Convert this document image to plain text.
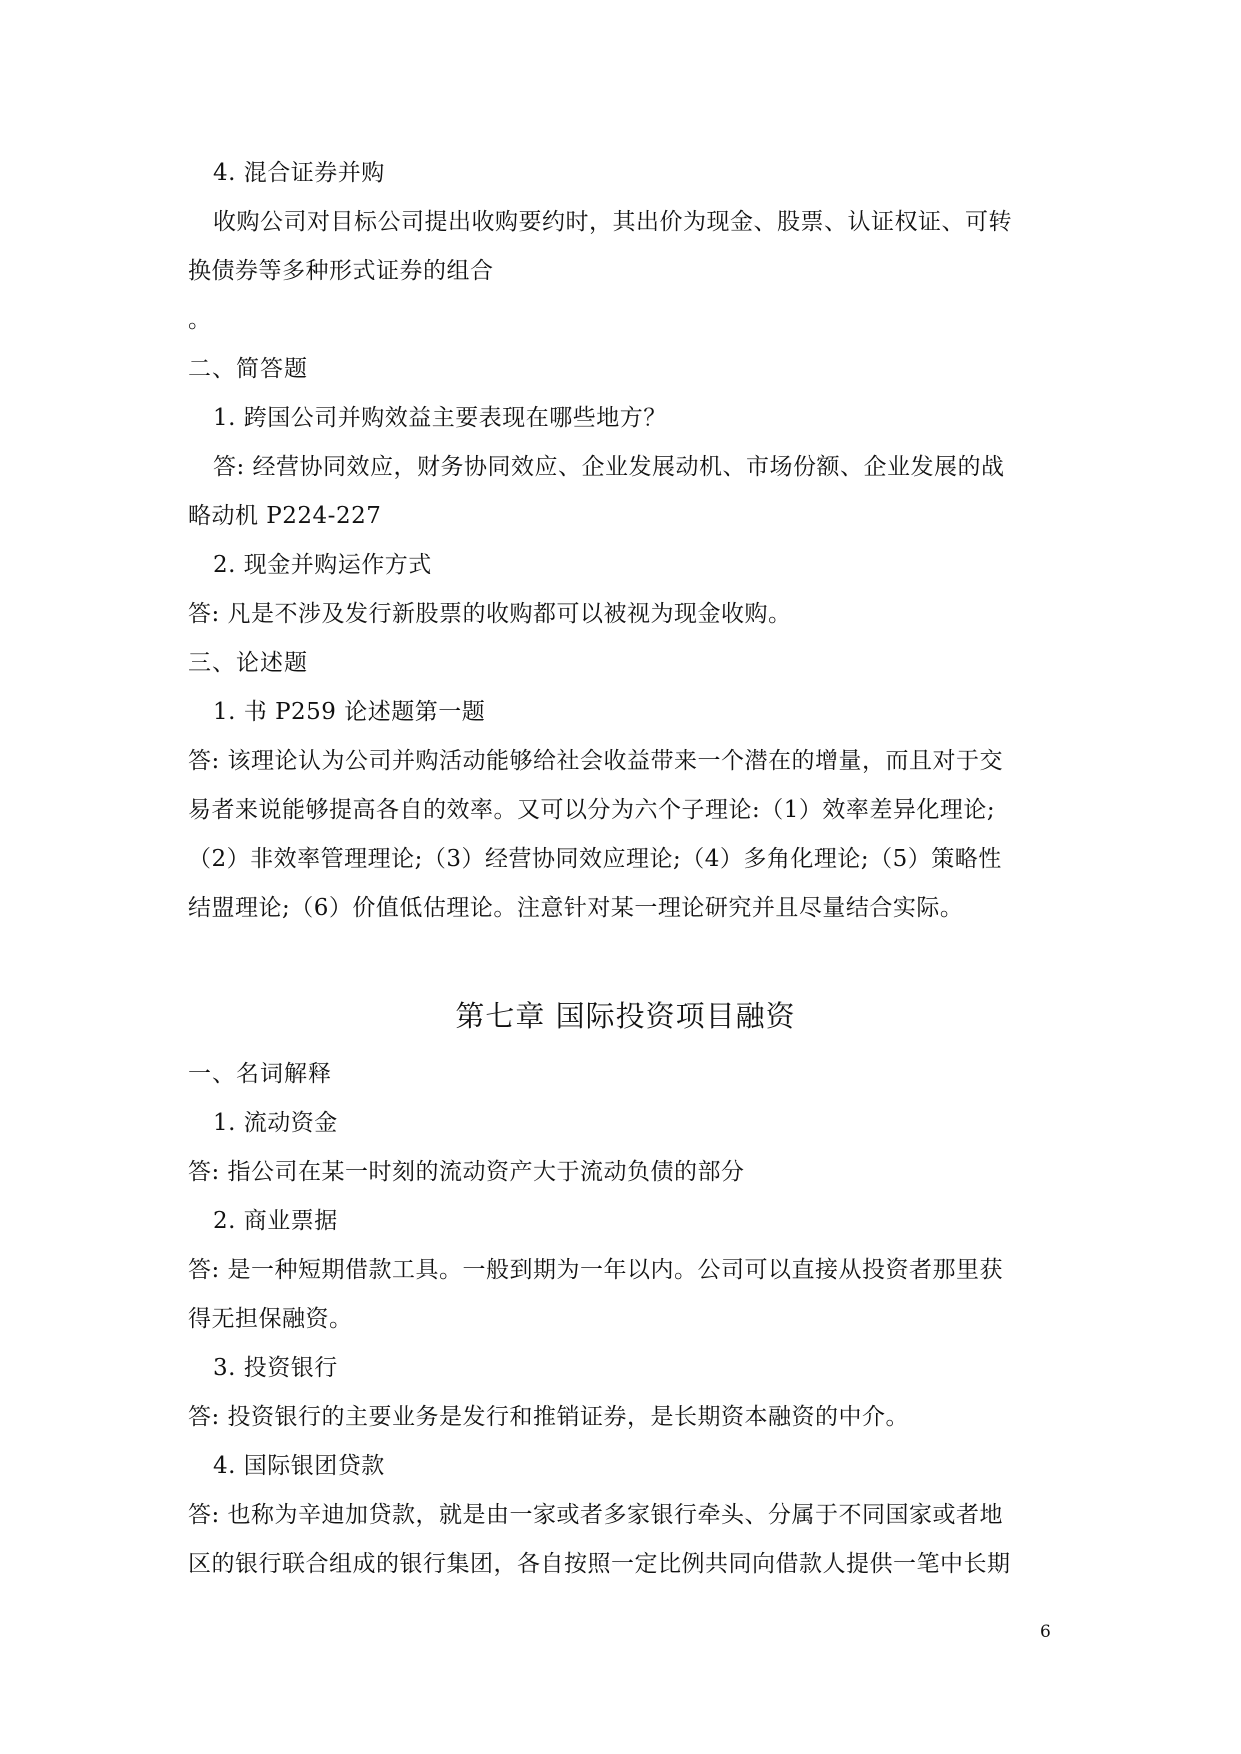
4. 混合证券并购
收购公司对目标公司提出收购要约时，其出价为现金、股票、认证权证、可转
换债券等多种形式证券的组合
。
二、简答题
1. 跨国公司并购效益主要表现在哪些地方？
答: 经营协同效应，财务协同效应、企业发展动机、市场份额、企业发展的战
略动机 P224-227
2. 现金并购运作方式
答: 凡是不涉及发行新股票的收购都可以被视为现金收购。
三、论述题
1. 书 P259 论述题第一题
答: 该理论认为公司并购活动能够给社会收益带来一个潜在的增量，而且对于交
易者来说能够提高各自的效率。又可以分为六个子理论:（1）效率差异化理论;
（2）非效率管理理论;（3）经营协同效应理论;（4）多角化理论;（5）策略性
结盟理论;（6）价值低估理论。注意针对某一理论研究并且尽量结合实际。
第七章 国际投资项目融资
一、名词解释
1. 流动资金
答: 指公司在某一时刻的流动资产大于流动负债的部分
2. 商业票据
答: 是一种短期借款工具。一般到期为一年以内。公司可以直接从投资者那里获
得无担保融资。
3. 投资银行
答: 投资银行的主要业务是发行和推销证券，是长期资本融资的中介。
4. 国际银团贷款
答: 也称为辛迪加贷款，就是由一家或者多家银行牵头、分属于不同国家或者地
区的银行联合组成的银行集团，各自按照一定比例共同向借款人提供一笔中长期
6
